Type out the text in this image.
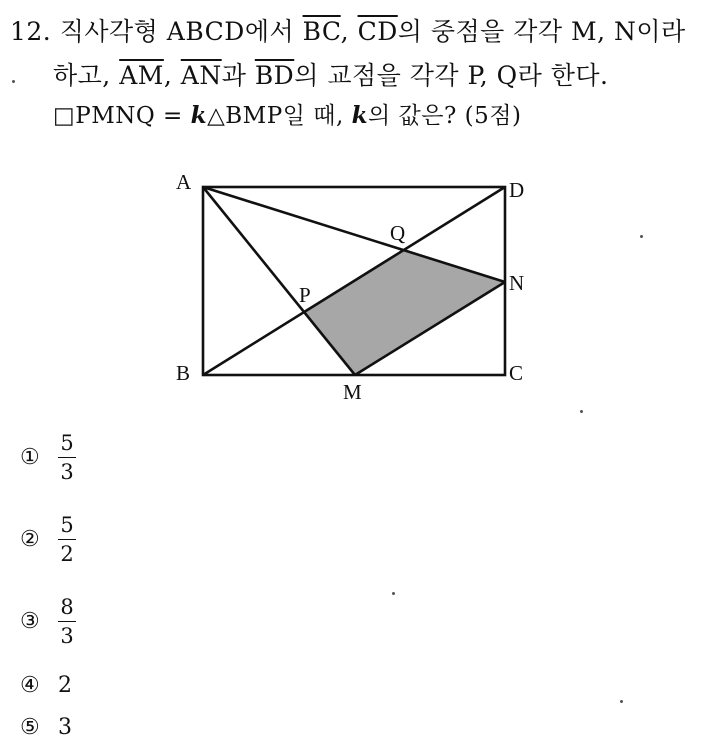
12. 직사각형 ABCD에서 $\overline{BC}$, $\overline{CD}$의 중점을 각각 M, N이라
하고, $\overline{AM}$, $\overline{AN}$과 $\overline{BD}$의 교점을 각각 P, Q라 한다.
□PMNQ = k△BMP일 때, k의 값은? (5점)
A
B	C
D
M
N
P
Q
① $\frac{5}{3}$
② $\frac{5}{2}$
③ $\frac{8}{3}$
④ 2
⑤ 3
